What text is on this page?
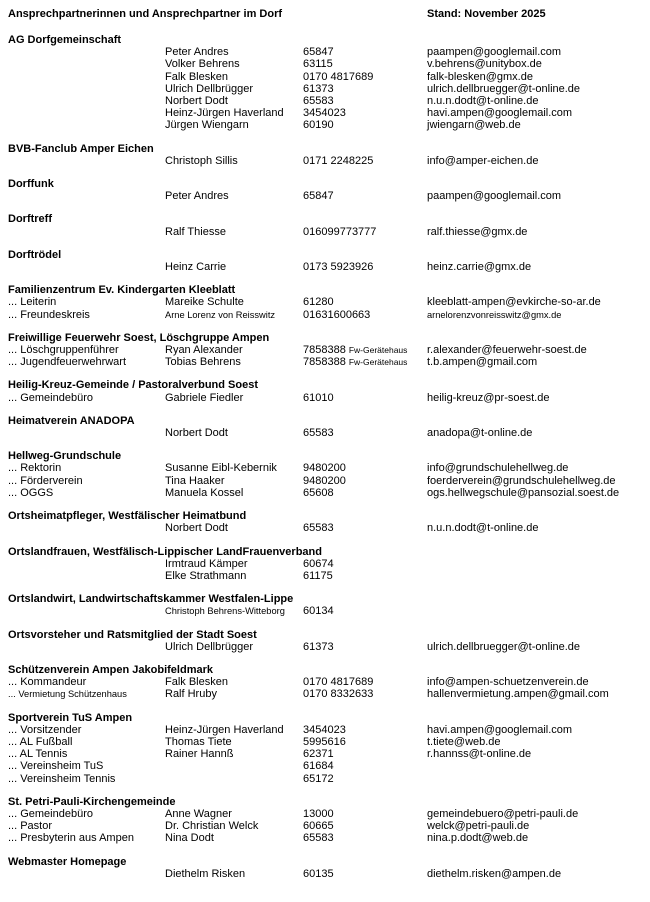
Ansprechpartnerinnen und Ansprechpartner im Dorf	Stand: November 2025
AG Dorfgemeinschaft
Peter Andres	65847	paampen@googlemail.com
Volker Behrens	63115	v.behrens@unitybox.de
Falk Blesken	0170 4817689	falk-blesken@gmx.de
Ulrich Dellbrügger	61373	ulrich.dellbruegger@t-online.de
Norbert Dodt	65583	n.u.n.dodt@t-online.de
Heinz-Jürgen Haverland	3454023	havi.ampen@googlemail.com
Jürgen Wiengarn	60190	jwiengarn@web.de
BVB-Fanclub Amper Eichen
Christoph Sillis	0171 2248225	info@amper-eichen.de
Dorffunk
Peter Andres	65847	paampen@googlemail.com
Dorftreff
Ralf Thiesse	016099773777	ralf.thiesse@gmx.de
Dorftrödel
Heinz Carrie	0173 5923926	heinz.carrie@gmx.de
Familienzentrum Ev. Kindergarten Kleeblatt
... Leiterin	Mareike Schulte	61280	kleeblatt-ampen@evkirche-so-ar.de
... Freundeskreis	Arne Lorenz von Reisswitz	01631600663	arnelorenzvonreisswitz@gmx.de
Freiwillige Feuerwehr Soest, Löschgruppe Ampen
... Löschgruppenführer	Ryan Alexander	7858388 Fw-Gerätehaus	r.alexander@feuerwehr-soest.de
... Jugendfeuerwehrwart	Tobias Behrens	7858388 Fw-Gerätehaus	t.b.ampen@gmail.com
Heilig-Kreuz-Gemeinde / Pastoralverbund Soest
... Gemeindebüro	Gabriele Fiedler	61010	heilig-kreuz@pr-soest.de
Heimatverein ANADOPA
Norbert Dodt	65583	anadopa@t-online.de
Hellweg-Grundschule
... Rektorin	Susanne Eibl-Kebernik	9480200	info@grundschulehellweg.de
... Förderverein	Tina Haaker	9480200	foerderverein@grundschulehellweg.de
... OGGS	Manuela Kossel	65608	ogs.hellwegschule@pansozial.soest.de
Ortsheimatpfleger, Westfälischer Heimatbund
Norbert Dodt	65583	n.u.n.dodt@t-online.de
Ortslandfrauen, Westfälisch-Lippischer LandFrauenverband
Irmtraud Kämper	60674
Elke Strathmann	61175
Ortslandwirt, Landwirtschaftskammer Westfalen-Lippe
Christoph Behrens-Witteborg	60134
Ortsvorsteher und Ratsmitglied der Stadt Soest
Ulrich Dellbrügger	61373	ulrich.dellbruegger@t-online.de
Schützenverein Ampen Jakobifeldmark
... Kommandeur	Falk Blesken	0170 4817689	info@ampen-schuetzenverein.de
... Vermietung Schützenhaus	Ralf Hruby	0170 8332633	hallenvermietung.ampen@gmail.com
Sportverein TuS Ampen
... Vorsitzender	Heinz-Jürgen Haverland	3454023	havi.ampen@googlemail.com
... AL Fußball	Thomas Tiete	5995616	t.tiete@web.de
... AL Tennis	Rainer Hannß	62371	r.hannss@t-online.de
... Vereinsheim TuS	61684
... Vereinsheim Tennis	65172
St. Petri-Pauli-Kirchengemeinde
... Gemeindebüro	Anne Wagner	13000	gemeindebuero@petri-pauli.de
... Pastor	Dr. Christian Welck	60665	welck@petri-pauli.de
... Presbyterin aus Ampen	Nina Dodt	65583	nina.p.dodt@web.de
Webmaster Homepage
Diethelm Risken	60135	diethelm.risken@ampen.de
